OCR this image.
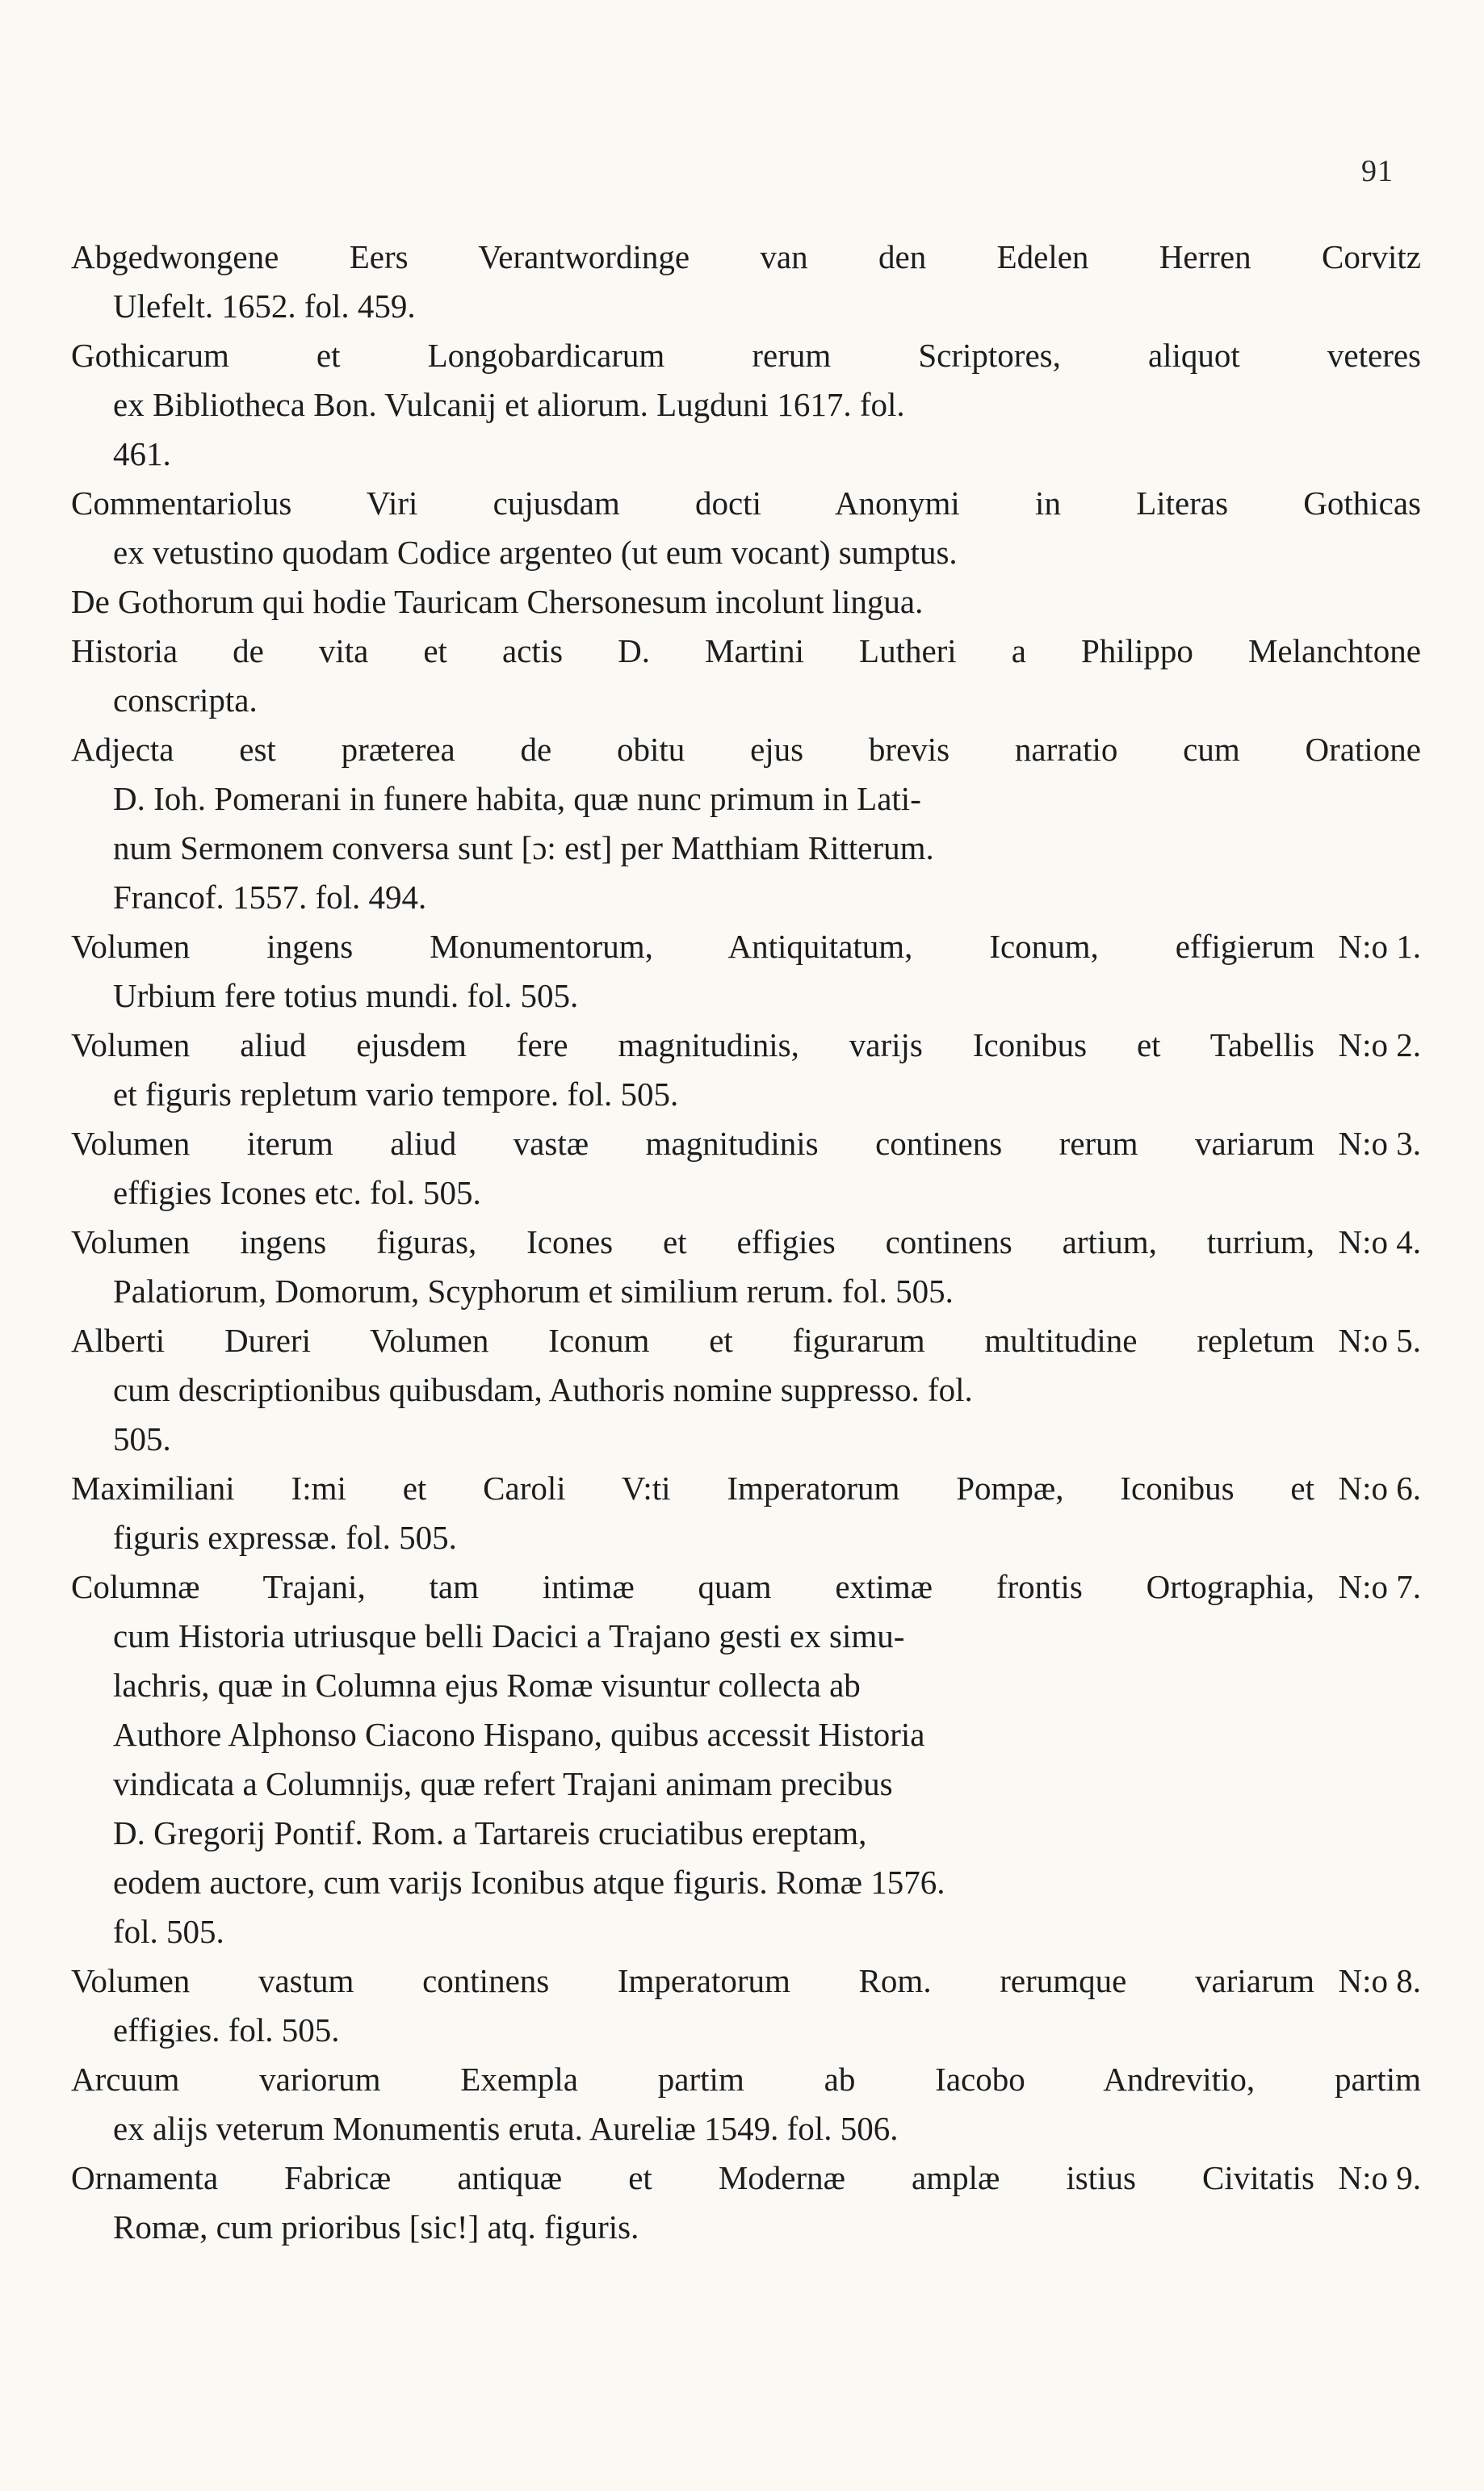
91
Abgedwongene Eers Verantwordinge van den Edelen Herren Corvitz
Ulefelt. 1652. fol. 459.
Gothicarum et Longobardicarum rerum Scriptores, aliquot veteres
ex Bibliotheca Bon. Vulcanij et aliorum. Lugduni 1617. fol.
461.
Commentariolus Viri cujusdam docti Anonymi in Literas Gothicas
ex vetustino quodam Codice argenteo (ut eum vocant) sumptus.
De Gothorum qui hodie Tauricam Chersonesum incolunt lingua.
Historia de vita et actis D. Martini Lutheri a Philippo Melanchtone
conscripta.
Adjecta est præterea de obitu ejus brevis narratio cum Oratione
D. Ioh. Pomerani in funere habita, quæ nunc primum in Lati-
num Sermonem conversa sunt [ɔ: est] per Matthiam Ritterum.
Francof. 1557. fol. 494.
Volumen ingens Monumentorum, Antiquitatum, Iconum, effigierum
Urbium fere totius mundi. fol. 505.
N:o 1.
Volumen aliud ejusdem fere magnitudinis, varijs Iconibus et Tabellis
et figuris repletum vario tempore. fol. 505.
N:o 2.
Volumen iterum aliud vastæ magnitudinis continens rerum variarum
effigies Icones etc. fol. 505.
N:o 3.
Volumen ingens figuras, Icones et effigies continens artium, turrium,
Palatiorum, Domorum, Scyphorum et similium rerum. fol. 505.
N:o 4.
Alberti Dureri Volumen Iconum et figurarum multitudine repletum
cum descriptionibus quibusdam, Authoris nomine suppresso. fol.
505.
N:o 5.
Maximiliani I:mi et Caroli V:ti Imperatorum Pompæ, Iconibus et
figuris expressæ. fol. 505.
N:o 6.
Columnæ Trajani, tam intimæ quam extimæ frontis Ortographia,
cum Historia utriusque belli Dacici a Trajano gesti ex simu-
lachris, quæ in Columna ejus Romæ visuntur collecta ab
Authore Alphonso Ciacono Hispano, quibus accessit Historia
vindicata a Columnijs, quæ refert Trajani animam precibus
D. Gregorij Pontif. Rom. a Tartareis cruciatibus ereptam,
eodem auctore, cum varijs Iconibus atque figuris. Romæ 1576.
fol. 505.
N:o 7.
Volumen vastum continens Imperatorum Rom. rerumque variarum
effigies. fol. 505.
N:o 8.
Arcuum variorum Exempla partim ab Iacobo Andrevitio, partim
ex alijs veterum Monumentis eruta. Aureliæ 1549. fol. 506.
Ornamenta Fabricæ antiquæ et Modernæ amplæ istius Civitatis
Romæ, cum prioribus [sic!] atq. figuris.
N:o 9.
